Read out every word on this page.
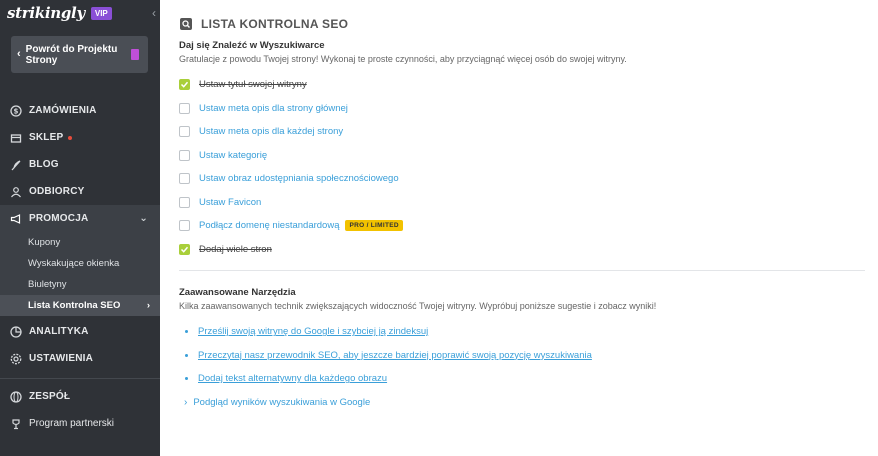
strikingly	VIP	‹
‹ Powrót do Projektu
Strony
$ ZAMÓWIENIA
SKLEP
BLOG
ODBIORCY
PROMOCJA	⌄
Kupony
Wyskakujące okienka
Biuletyny
Lista Kontrolna SEO	›
ANALITYKA
USTAWIENIA
ZESPÓŁ
Program partnerski
LISTA KONTROLNA SEO
Daj się Znaleźć w Wyszukiwarce
Gratulacje z powodu Twojej strony! Wykonaj te proste czynności, aby przyciągnąć więcej osób do swojej witryny.
Ustaw tytuł swojej witryny
Ustaw meta opis dla strony głównej
Ustaw meta opis dla każdej strony
Ustaw kategorię
Ustaw obraz udostępniania społecznościowego
Ustaw Favicon
Podłącz domenę niestandardową	PRO / LIMITED
Dodaj wiele stron
Zaawansowane Narzędzia
Kilka zaawansowanych technik zwiększających widoczność Twojej witryny. Wypróbuj poniższe sugestie i zobacz wyniki!
Prześlij swoją witrynę do Google i szybciej ją zindeksuj
Przeczytaj nasz przewodnik SEO, aby jeszcze bardziej poprawić swoją pozycję wyszukiwania
Dodaj tekst alternatywny dla każdego obrazu
› Podgląd wyników wyszukiwania w Google
